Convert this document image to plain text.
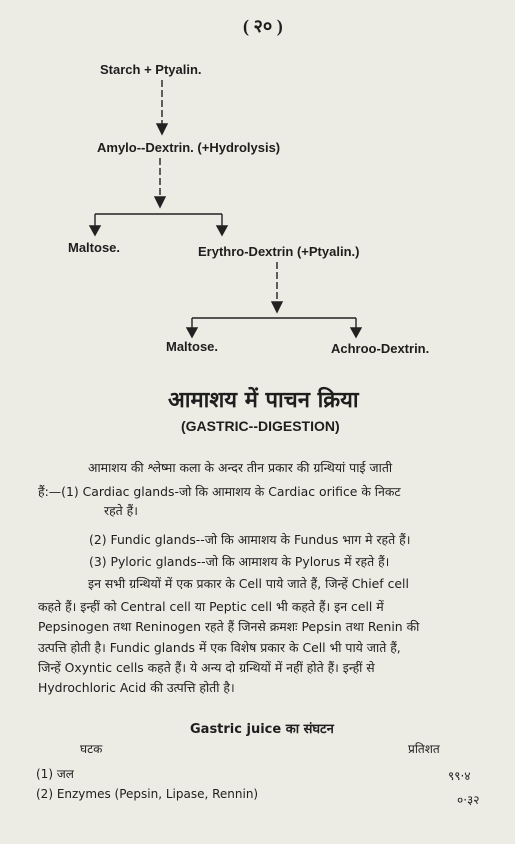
( २० )
Starch + Ptyalin.
Amylo--Dextrin. (+Hydrolysis)
Maltose.	Erythro-Dextrin (+Ptyalin.)
Maltose.	Achroo-Dextrin.
आमाशय में पाचन क्रिया
(GASTRIC--DIGESTION)
आमाशय की श्लेष्मा कला के अन्दर तीन प्रकार की ग्रन्थियां पाई जाती
हैं:—(1) Cardiac glands-जो कि आमाशय के Cardiac orifice के निकट
रहते हैं।
(2) Fundic glands--जो कि आमाशय के Fundus भाग मे रहते हैं।
(3) Pyloric glands--जो कि आमाशय के Pylorus में रहते हैं।
इन सभी ग्रन्थियों में एक प्रकार के Cell पाये जाते हैं, जिन्हें Chief cell
कहते हैं। इन्हीं को Central cell या Peptic cell भी कहते हैं। इन cell में
Pepsinogen तथा Reninogen रहते हैं जिनसे क्रमशः Pepsin तथा Renin की
उत्पत्ति होती है। Fundic glands में एक विशेष प्रकार के Cell भी पाये जाते हैं,
जिन्हें Oxyntic cells कहते हैं। ये अन्य दो ग्रन्थियों में नहीं होते हैं। इन्हीं से
Hydrochloric Acid की उत्पत्ति होती है।
Gastric juice का संघटन
घटक	प्रतिशत
(1) जल	९९·४
(2) Enzymes (Pepsin, Lipase, Rennin)	०·३२
